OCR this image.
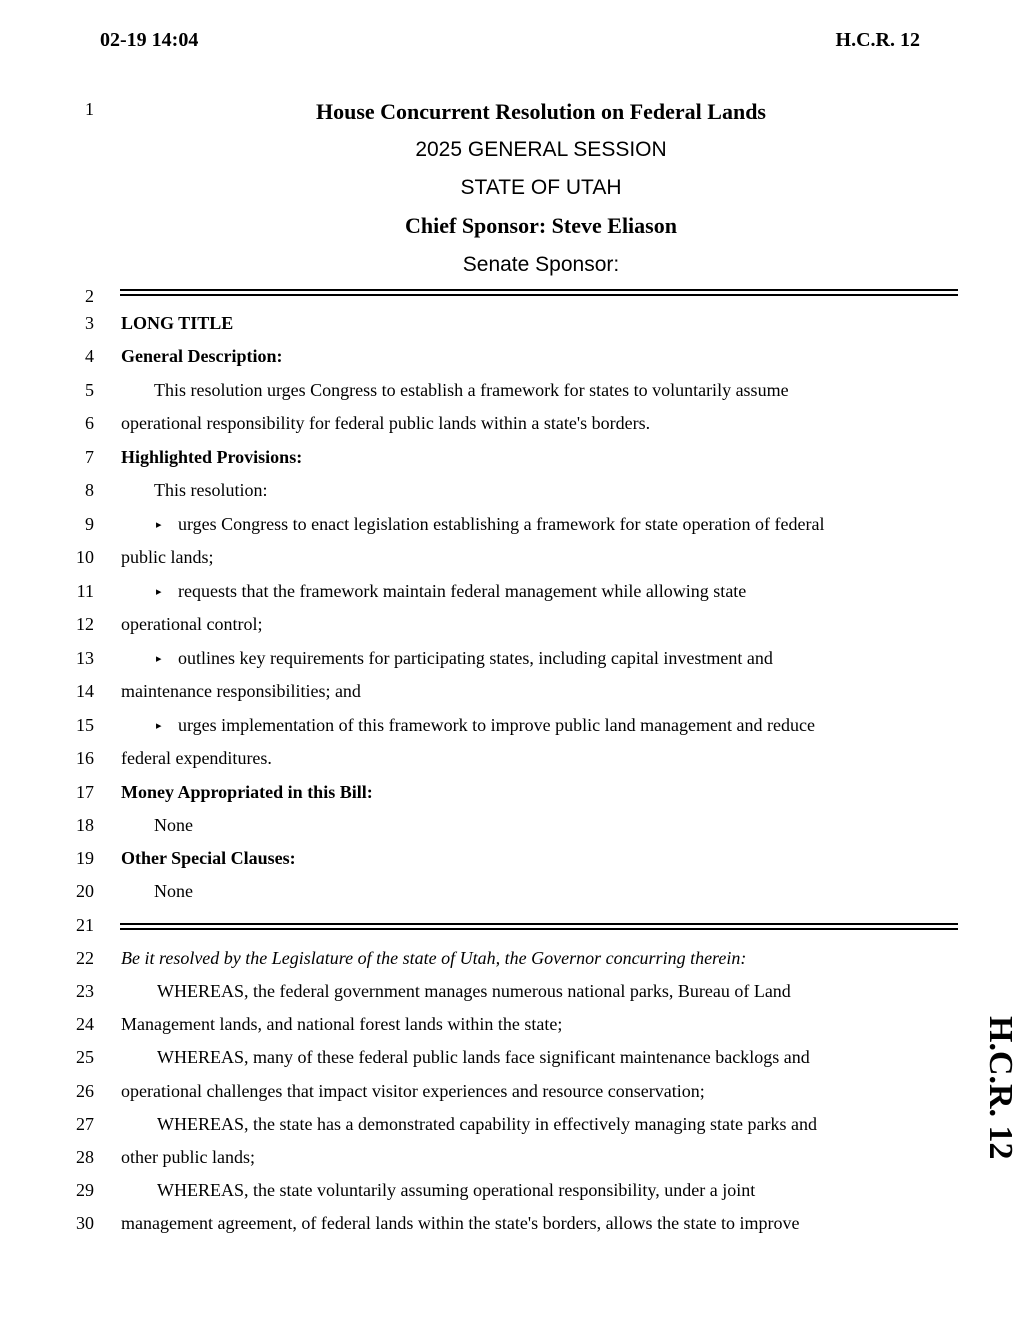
02-19 14:04	H.C.R. 12
1
2
3
4
5
6
7
8
9
10
11
12
13
14
15
16
17
18
19
20
21
22
23
24
25
26
27
28
29
30
House Concurrent Resolution on Federal Lands
2025 GENERAL SESSION
STATE OF UTAH
Chief Sponsor: Steve Eliason
Senate Sponsor:
LONG TITLE
General Description:
This resolution urges Congress to establish a framework for states to voluntarily assume
operational responsibility for federal public lands within a state's borders.
Highlighted Provisions:
This resolution:
▸ urges Congress to enact legislation establishing a framework for state operation of federal
public lands;
▸ requests that the framework maintain federal management while allowing state
operational control;
▸ outlines key requirements for participating states, including capital investment and
maintenance responsibilities; and
▸ urges implementation of this framework to improve public land management and reduce
federal expenditures.
Money Appropriated in this Bill:
None
Other Special Clauses:
None
Be it resolved by the Legislature of the state of Utah, the Governor concurring therein:
WHEREAS, the federal government manages numerous national parks, Bureau of Land
Management lands, and national forest lands within the state;
WHEREAS, many of these federal public lands face significant maintenance backlogs and
operational challenges that impact visitor experiences and resource conservation;
WHEREAS, the state has a demonstrated capability in effectively managing state parks and
other public lands;
WHEREAS, the state voluntarily assuming operational responsibility, under a joint
management agreement, of federal lands within the state's borders, allows the state to improve
H.C.R. 12
